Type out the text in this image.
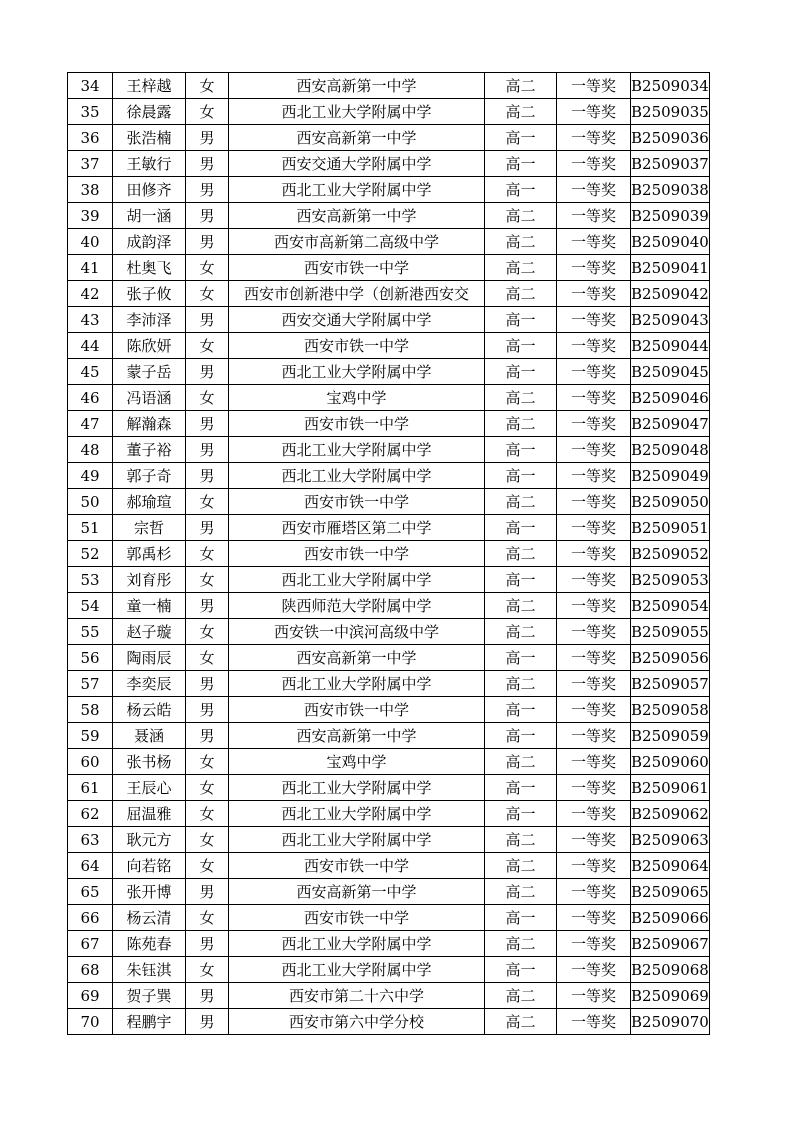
34	王梓越	女	西安高新第一中学	高二	一等奖	B2509034
35	徐晨露	女	西北工业大学附属中学	高二	一等奖	B2509035
36	张浩楠	男	西安高新第一中学	高一	一等奖	B2509036
37	王敏行	男	西安交通大学附属中学	高一	一等奖	B2509037
38	田修齐	男	西北工业大学附属中学	高一	一等奖	B2509038
39	胡一涵	男	西安高新第一中学	高二	一等奖	B2509039
40	成韵泽	男	西安市高新第二高级中学	高二	一等奖	B2509040
41	杜奥飞	女	西安市铁一中学	高二	一等奖	B2509041
42	张子攸	女	西安市创新港中学（创新港西安交	高二	一等奖	B2509042
43	李沛泽	男	西安交通大学附属中学	高一	一等奖	B2509043
44	陈欣妍	女	西安市铁一中学	高一	一等奖	B2509044
45	蒙子岳	男	西北工业大学附属中学	高一	一等奖	B2509045
46	冯语涵	女	宝鸡中学	高二	一等奖	B2509046
47	解瀚森	男	西安市铁一中学	高二	一等奖	B2509047
48	董子裕	男	西北工业大学附属中学	高一	一等奖	B2509048
49	郭子奇	男	西北工业大学附属中学	高一	一等奖	B2509049
50	郝瑜瑄	女	西安市铁一中学	高二	一等奖	B2509050
51	宗哲	男	西安市雁塔区第二中学	高一	一等奖	B2509051
52	郭禹杉	女	西安市铁一中学	高二	一等奖	B2509052
53	刘育彤	女	西北工业大学附属中学	高一	一等奖	B2509053
54	童一楠	男	陕西师范大学附属中学	高二	一等奖	B2509054
55	赵子璇	女	西安铁一中滨河高级中学	高二	一等奖	B2509055
56	陶雨辰	女	西安高新第一中学	高一	一等奖	B2509056
57	李奕辰	男	西北工业大学附属中学	高二	一等奖	B2509057
58	杨云皓	男	西安市铁一中学	高一	一等奖	B2509058
59	聂涵	男	西安高新第一中学	高一	一等奖	B2509059
60	张书杨	女	宝鸡中学	高二	一等奖	B2509060
61	王辰心	女	西北工业大学附属中学	高一	一等奖	B2509061
62	屈温雅	女	西北工业大学附属中学	高一	一等奖	B2509062
63	耿元方	女	西北工业大学附属中学	高二	一等奖	B2509063
64	向若铭	女	西安市铁一中学	高二	一等奖	B2509064
65	张开博	男	西安高新第一中学	高二	一等奖	B2509065
66	杨云清	女	西安市铁一中学	高一	一等奖	B2509066
67	陈苑春	男	西北工业大学附属中学	高二	一等奖	B2509067
68	朱钰淇	女	西北工业大学附属中学	高一	一等奖	B2509068
69	贺子巽	男	西安市第二十六中学	高二	一等奖	B2509069
70	程鹏宇	男	西安市第六中学分校	高二	一等奖	B2509070
